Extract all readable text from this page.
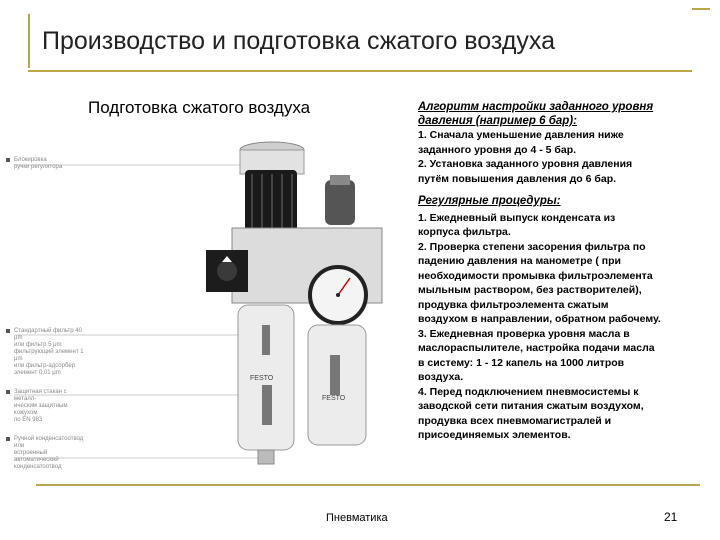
Производство и подготовка сжатого воздуха
Подготовка сжатого воздуха
FESTO
FESTO
Блокировка
ручки регулятора
Стандартный фильтр 40 μm
или фильтр 5 μm
фильтрующий элемент 1 μm
или фильтр-адсорбер
элемент 0,01 μm
Защитная стакан с металл-
ическим защитным кожухом
по EN 983
Ручной конденсатоотвод или
встроенный автоматический
конденсатоотвод
Алгоритм настройки заданного уровня давления (например 6 бар):
1. Сначала уменьшение давления ниже
заданного уровня до 4 - 5 бар.
2. Установка заданного уровня давления
путём повышения давления до 6 бар.
Регулярные процедуры:
1. Ежедневный выпуск конденсата из
корпуса фильтра.
2. Проверка степени засорения фильтра по
падению давления на манометре ( при
необходимости промывка фильтроэлемента
мыльным раствором, без растворителей),
продувка фильтроэлемента сжатым
воздухом в направлении, обратном рабочему.
3. Ежедневная проверка уровня масла в
маслораспылителе, настройка подачи масла
в систему: 1 - 12 капель на 1000 литров
воздуха.
4. Перед подключением пневмосистемы к
заводской сети питания сжатым воздухом,
продувка всех пневмомагистралей и
присоединяемых элементов.
Пневматика	21
